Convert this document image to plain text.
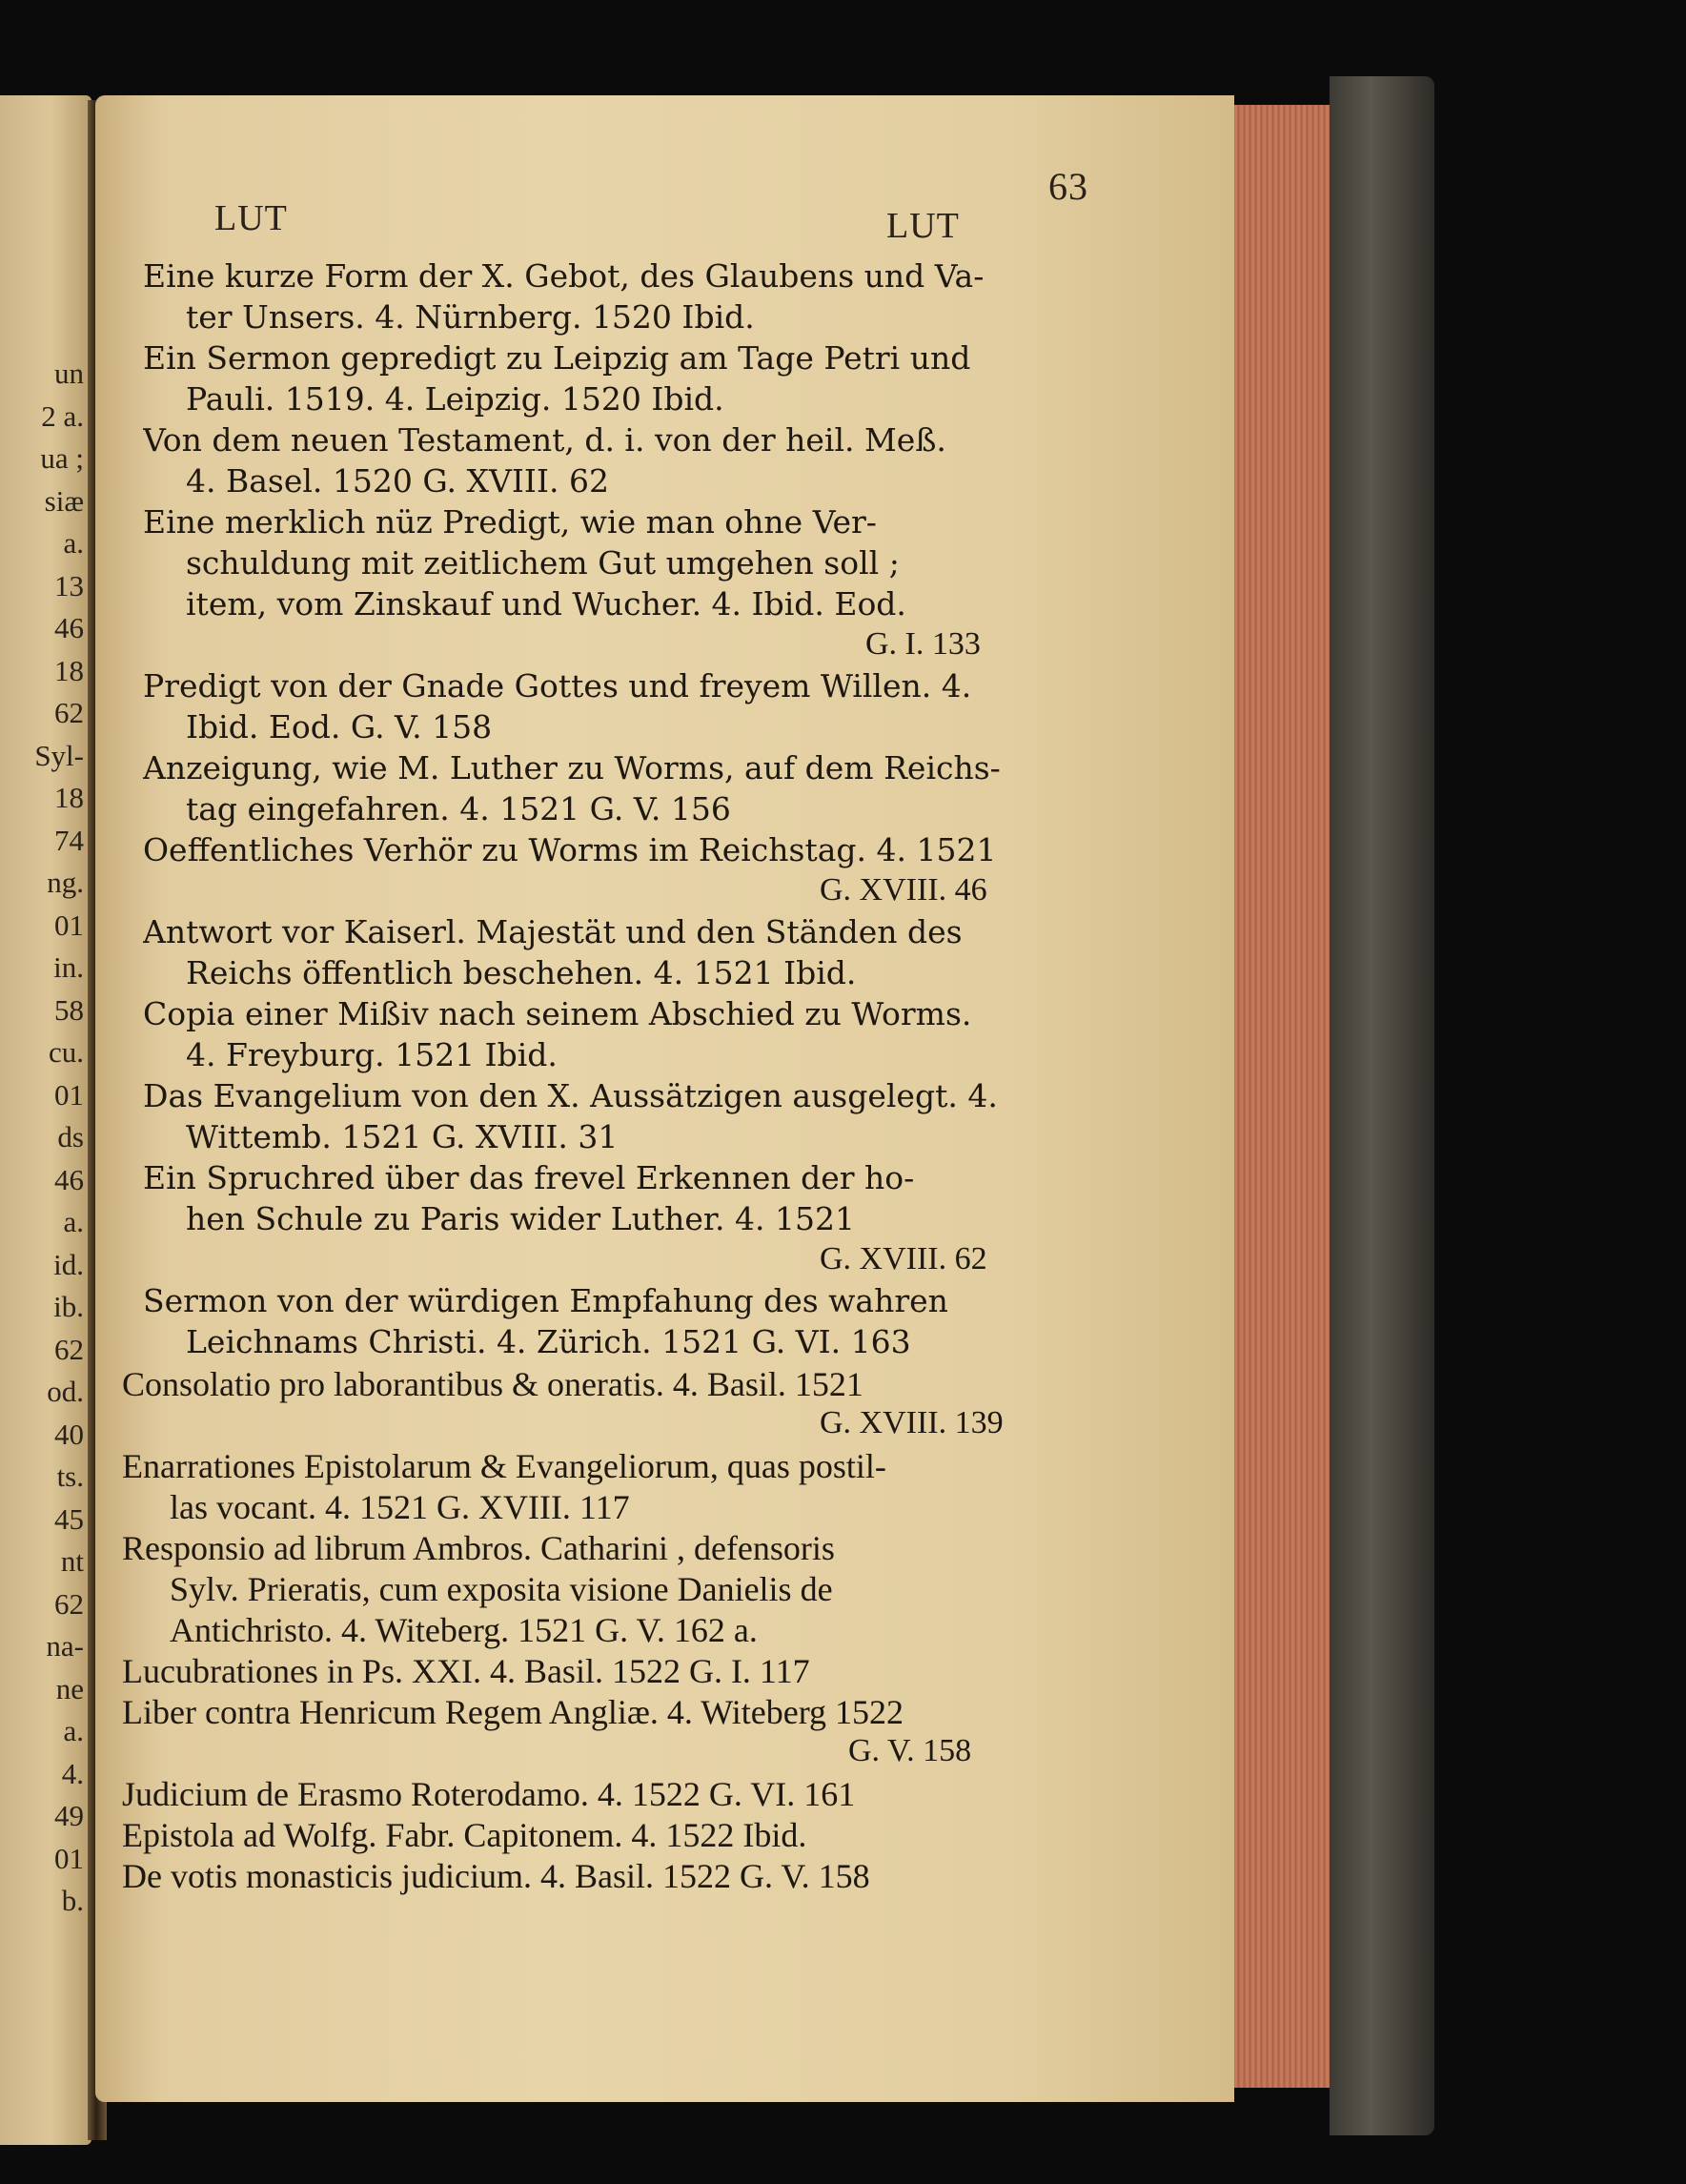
un
2 a.
ua ;
siæ
a.
13
46
18
62
Syl-
18
74
ng.
01
in.
58
cu.
01
ds
46
a.
id.
ib.
62
od.
40
ts.
45
nt
62
na-
ne
a.
4.
49
01
b.
LUT	LUT
63
Eine kurze Form der X. Gebot, des Glaubens und Va-
ter Unsers. 4. Nürnberg. 1520 Ibid.
Ein Sermon gepredigt zu Leipzig am Tage Petri und
Pauli. 1519. 4. Leipzig. 1520 Ibid.
Von dem neuen Testament, d. i. von der heil. Meß.
4. Basel. 1520 G. XVIII. 62
Eine merklich nüz Predigt, wie man ohne Ver-
schuldung mit zeitlichem Gut umgehen soll ;
item, vom Zinskauf und Wucher. 4. Ibid. Eod.
G. I. 133
Predigt von der Gnade Gottes und freyem Willen. 4.
Ibid. Eod. G. V. 158
Anzeigung, wie M. Luther zu Worms, auf dem Reichs-
tag eingefahren. 4. 1521 G. V. 156
Oeffentliches Verhör zu Worms im Reichstag. 4. 1521
G. XVIII. 46
Antwort vor Kaiserl. Majestät und den Ständen des
Reichs öffentlich beschehen. 4. 1521 Ibid.
Copia einer Mißiv nach seinem Abschied zu Worms.
4. Freyburg. 1521 Ibid.
Das Evangelium von den X. Aussätzigen ausgelegt. 4.
Wittemb. 1521 G. XVIII. 31
Ein Spruchred über das frevel Erkennen der ho-
hen Schule zu Paris wider Luther. 4. 1521
G. XVIII. 62
Sermon von der würdigen Empfahung des wahren
Leichnams Christi. 4. Zürich. 1521 G. VI. 163
Consolatio pro laborantibus & oneratis. 4. Basil. 1521
G. XVIII. 139
Enarrationes Epistolarum & Evangeliorum, quas postil-
las vocant. 4. 1521 G. XVIII. 117
Responsio ad librum Ambros. Catharini , defensoris
Sylv. Prieratis, cum exposita visione Danielis de
Antichristo. 4. Witeberg. 1521 G. V. 162 a.
Lucubrationes in Ps. XXI. 4. Basil. 1522 G. I. 117
Liber contra Henricum Regem Angliæ. 4. Witeberg 1522
G. V. 158
Judicium de Erasmo Roterodamo. 4. 1522 G. VI. 161
Epistola ad Wolfg. Fabr. Capitonem. 4. 1522 Ibid.
De votis monasticis judicium. 4. Basil. 1522 G. V. 158
